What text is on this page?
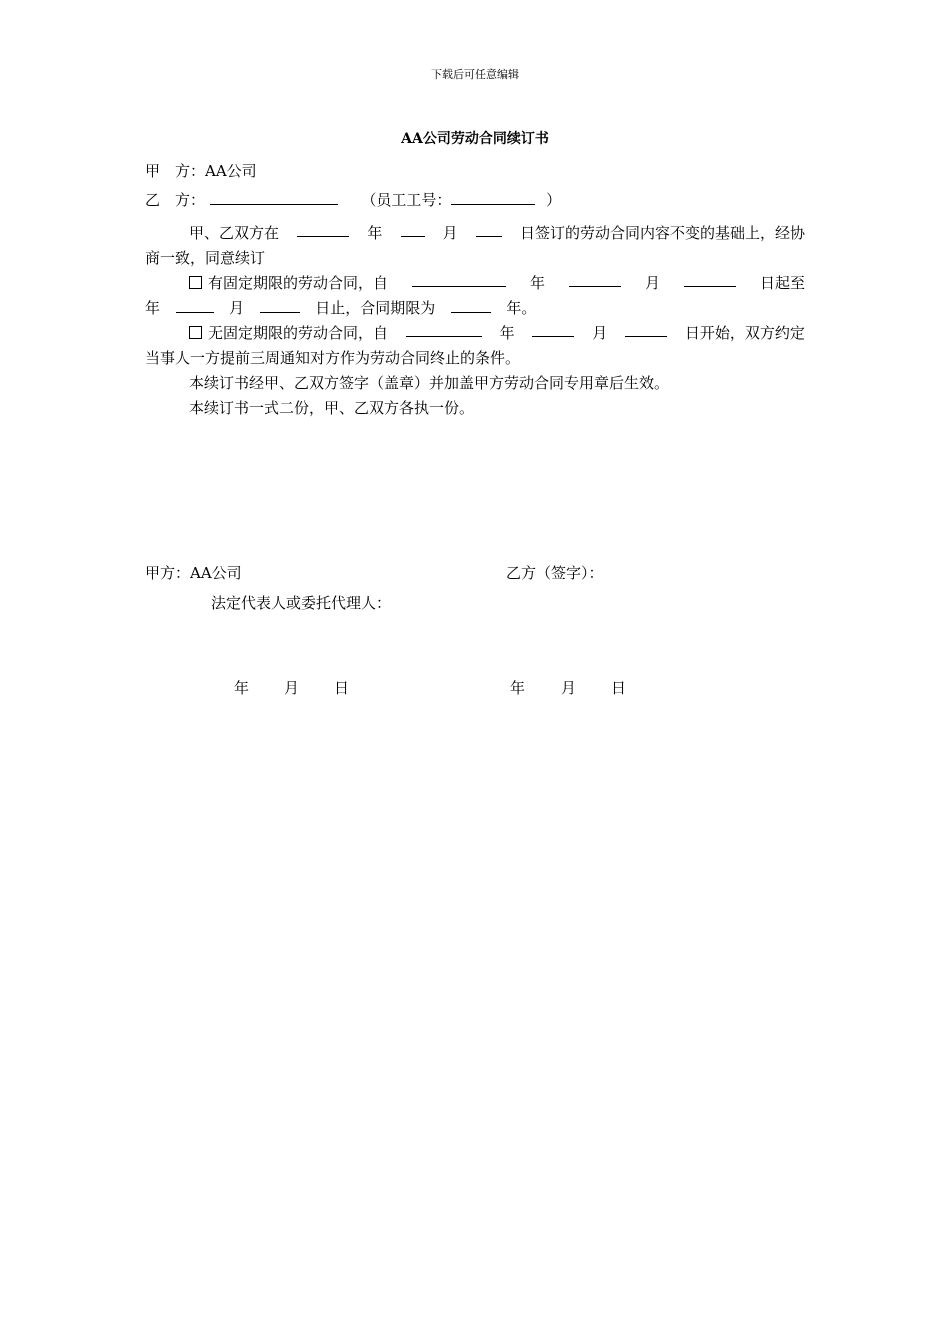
下载后可任意编辑
AA公司劳动合同续订书
甲　方：AA公司
乙　方：	（员工工号：	）
甲、乙双方在	年	月	日签订的劳动合同内容不变的基础上，经协
商一致，同意续订
有固定期限的劳动合同，自	年	月	日起至
年	月	日止，合同期限为	年。
无固定期限的劳动合同，自	年	月	日开始，双方约定
当事人一方提前三周通知对方作为劳动合同终止的条件。
本续订书经甲、乙双方签字（盖章）并加盖甲方劳动合同专用章后生效。
本续订书一式二份，甲、乙双方各执一份。
甲方：AA公司	乙方（签字）：
法定代表人或委托代理人：
年 月 日	年 月 日
